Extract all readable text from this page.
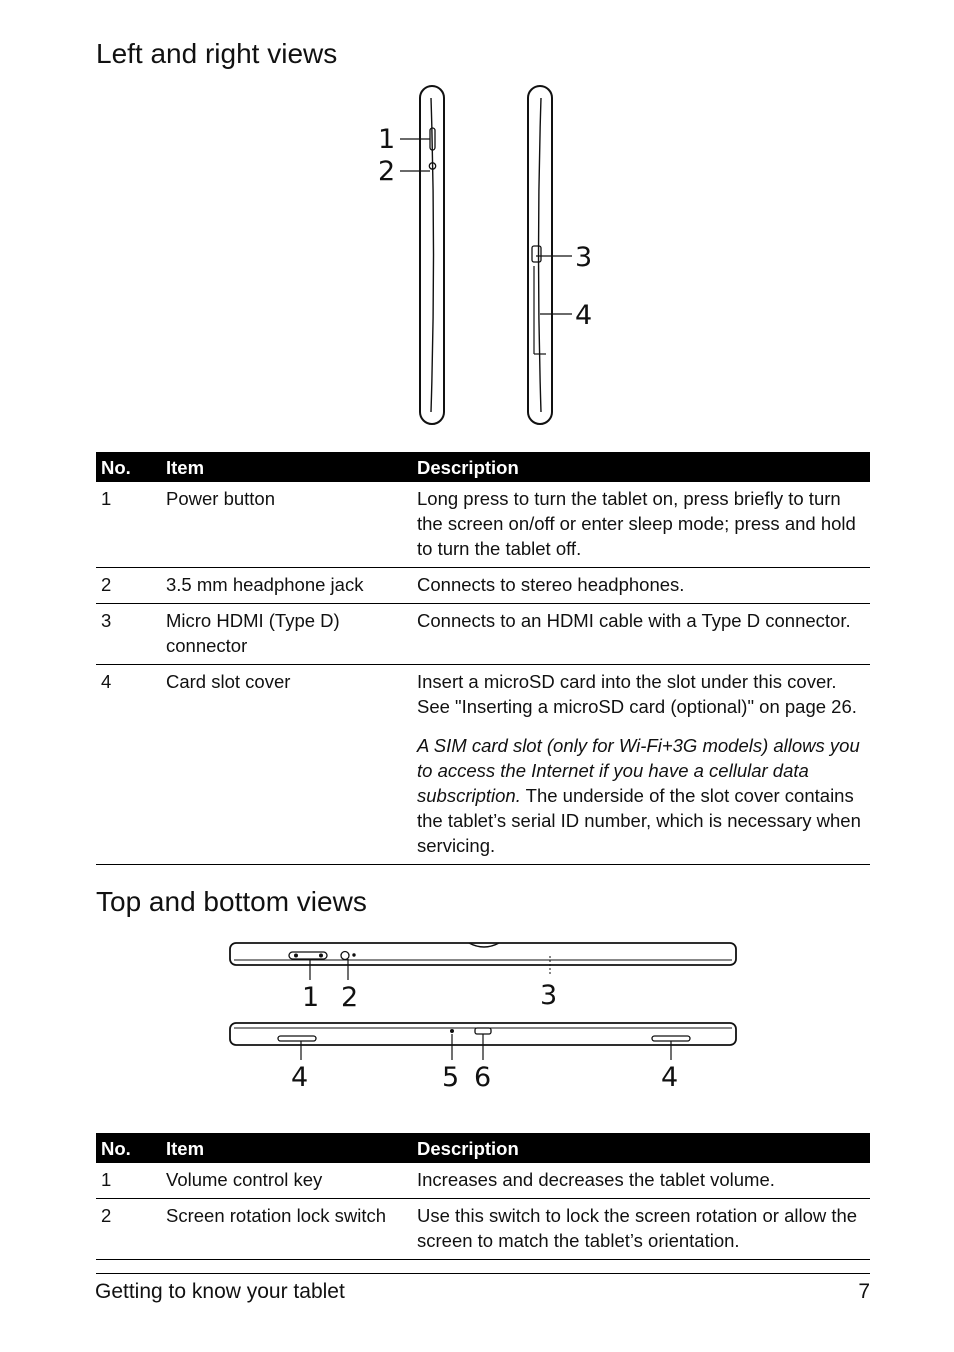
Left and right views
1
2
3
4
No.	Item	Description
1	Power button	Long press to turn the tablet on, press briefly to turn the screen on/off or enter sleep mode; press and hold to turn the tablet off.
2	3.5 mm headphone jack	Connects to stereo headphones.
3	Micro HDMI (Type D) connector	Connects to an HDMI cable with a Type D connector.
4	Card slot cover	Insert a microSD card into the slot under this cover. See "Inserting a microSD card (optional)" on page 26.

A SIM card slot (only for Wi-Fi+3G models) allows you to access the Internet if you have a cellular data subscription. The underside of the slot cover contains the tablet’s serial ID number, which is necessary when servicing.

Top and bottom views
1 2	3
4	5 6	4
No.	Item	Description
1	Volume control key	Increases and decreases the tablet volume.
2	Screen rotation lock switch	Use this switch to lock the screen rotation or allow the screen to match the tablet’s orientation.
Getting to know your tablet	7
